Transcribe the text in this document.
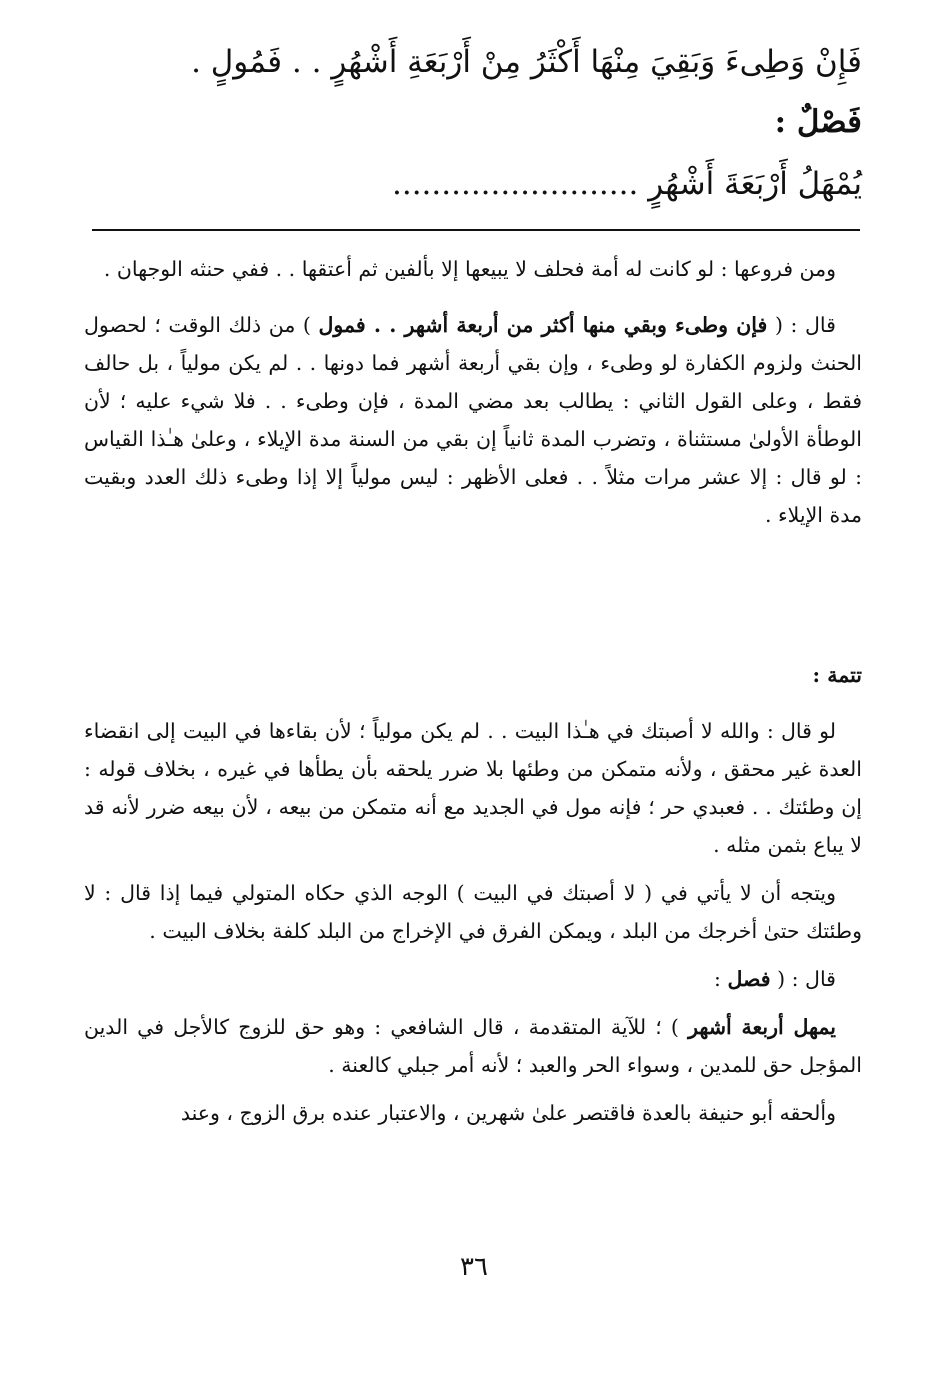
فَإِنْ وَطِىءَ وَبَقِيَ مِنْهَا أَكْثَرُ مِنْ أَرْبَعَةِ أَشْهُرٍ . . فَمُولٍ .
فَصْلٌ :
يُمْهَلُ أَرْبَعَةَ أَشْهُرٍ .........................

ومن فروعها : لو كانت له أمة فحلف لا يبيعها إلا بألفين ثم أعتقها . . ففي حنثه الوجهان .

قال : ( فإن وطىء وبقي منها أكثر من أربعة أشهر . . فمول ) من ذلك الوقت ؛ لحصول الحنث ولزوم الكفارة لو وطىء ، وإن بقي أربعة أشهر فما دونها . . لم يكن مولياً ، بل حالف فقط ، وعلى القول الثاني : يطالب بعد مضي المدة ، فإن وطىء . . فلا شيء عليه ؛ لأن الوطأة الأولىٰ مستثناة ، وتضرب المدة ثانياً إن بقي من السنة مدة الإيلاء ، وعلىٰ هـٰذا القياس : لو قال : إلا عشر مرات مثلاً . . فعلى الأظهر : ليس مولياً إلا إذا وطىء ذلك العدد وبقيت مدة الإيلاء .

تتمة :

لو قال : والله لا أصبتك في هـٰذا البيت . . لم يكن مولياً ؛ لأن بقاءها في البيت إلى انقضاء العدة غير محقق ، ولأنه متمكن من وطئها بلا ضرر يلحقه بأن يطأها في غيره ، بخلاف قوله : إن وطئتك . . فعبدي حر ؛ فإنه مول في الجديد مع أنه متمكن من بيعه ، لأن بيعه ضرر لأنه قد لا يباع بثمن مثله .

ويتجه أن لا يأتي في ( لا أصبتك في البيت ) الوجه الذي حكاه المتولي فيما إذا قال : لا وطئتك حتىٰ أخرجك من البلد ، ويمكن الفرق في الإخراج من البلد كلفة بخلاف البيت .

قال : ( فصل :

يمهل أربعة أشهر ) ؛ للآية المتقدمة ، قال الشافعي : وهو حق للزوج كالأجل في الدين المؤجل حق للمدين ، وسواء الحر والعبد ؛ لأنه أمر جبلي كالعنة .

وألحقه أبو حنيفة بالعدة فاقتصر علىٰ شهرين ، والاعتبار عنده برق الزوج ، وعند

٣٦
